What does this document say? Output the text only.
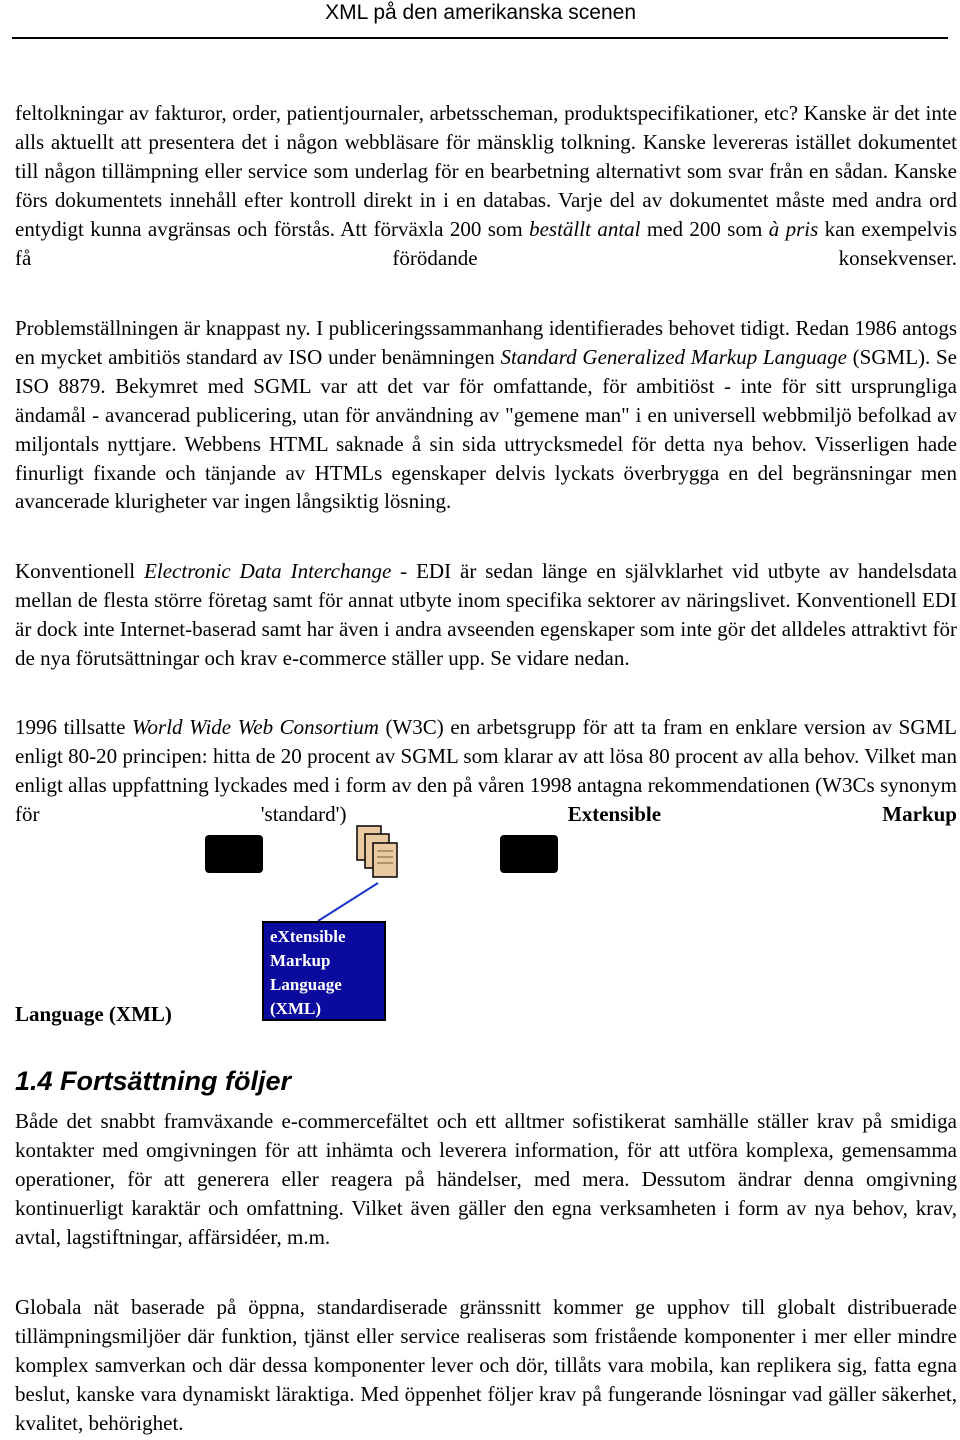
XML på den amerikanska scenen

feltolkningar av fakturor, order, patientjournaler, arbetsscheman, produktspecifikationer, etc? Kanske är det inte alls aktuellt att presentera det i någon webbläsare för mänsklig tolkning. Kanske levereras istället dokumentet till någon tillämpning eller service som underlag för en bearbetning alternativt som svar från en sådan. Kanske förs dokumentets innehåll efter kontroll direkt in i en databas. Varje del av dokumentet måste med andra ord entydigt kunna avgränsas och förstås. Att förväxla 200 som beställt antal med 200 som à pris kan exempelvis få förödande konsekvenser.

Problemställningen är knappast ny. I publiceringssammanhang identifierades behovet tidigt. Redan 1986 antogs en mycket ambitiös standard av ISO under benämningen Standard Generalized Markup Language (SGML). Se ISO 8879. Bekymret med SGML var att det var för omfattande, för ambitiöst - inte för sitt ursprungliga ändamål - avancerad publicering, utan för användning av "gemene man" i en universell webbmiljö befolkad av miljontals nyttjare. Webbens HTML saknade å sin sida uttrycksmedel för detta nya behov. Visserligen hade finurligt fixande och tänjande av HTMLs egenskaper delvis lyckats överbrygga en del begränsningar men avancerade klurigheter var ingen långsiktig lösning.

Konventionell Electronic Data Interchange - EDI är sedan länge en självklarhet vid utbyte av handelsdata mellan de flesta större företag samt för annat utbyte inom specifika sektorer av näringslivet. Konventionell EDI är dock inte Internet-baserad samt har även i andra avseenden egenskaper som inte gör det alldeles attraktivt för de nya förutsättningar och krav e-commerce ställer upp. Se vidare nedan.

1996 tillsatte World Wide Web Consortium (W3C) en arbetsgrupp för att ta fram en enklare version av SGML enligt 80-20 principen: hitta de 20 procent av SGML som klarar av att lösa 80 procent av alla behov. Vilket man enligt allas uppfattning lyckades med i form av den på våren 1998 antagna rekommendationen (W3Cs synonym för 'standard') Extensible Markup

eXtensible
Markup
Language
(XML)
Language (XML)
1.4 Fortsättning följer

Både det snabbt framväxande e-commercefältet och ett alltmer sofistikerat samhälle ställer krav på smidiga kontakter med omgivningen för att inhämta och leverera information, för att utföra komplexa, gemensamma operationer, för att generera eller reagera på händelser, med mera. Dessutom ändrar denna omgivning kontinuerligt karaktär och omfattning. Vilket även gäller den egna verksamheten i form av nya behov, krav, avtal, lagstiftningar, affärsidéer, m.m.

Globala nät baserade på öppna, standardiserade gränssnitt kommer ge upphov till globalt distribuerade tillämpningsmiljöer där funktion, tjänst eller service realiseras som fristående komponenter i mer eller mindre komplex samverkan och där dessa komponenter lever och dör, tillåts vara mobila, kan replikera sig, fatta egna beslut, kanske vara dynamiskt läraktiga. Med öppenhet följer krav på fungerande lösningar vad gäller säkerhet, kvalitet, behörighet.
